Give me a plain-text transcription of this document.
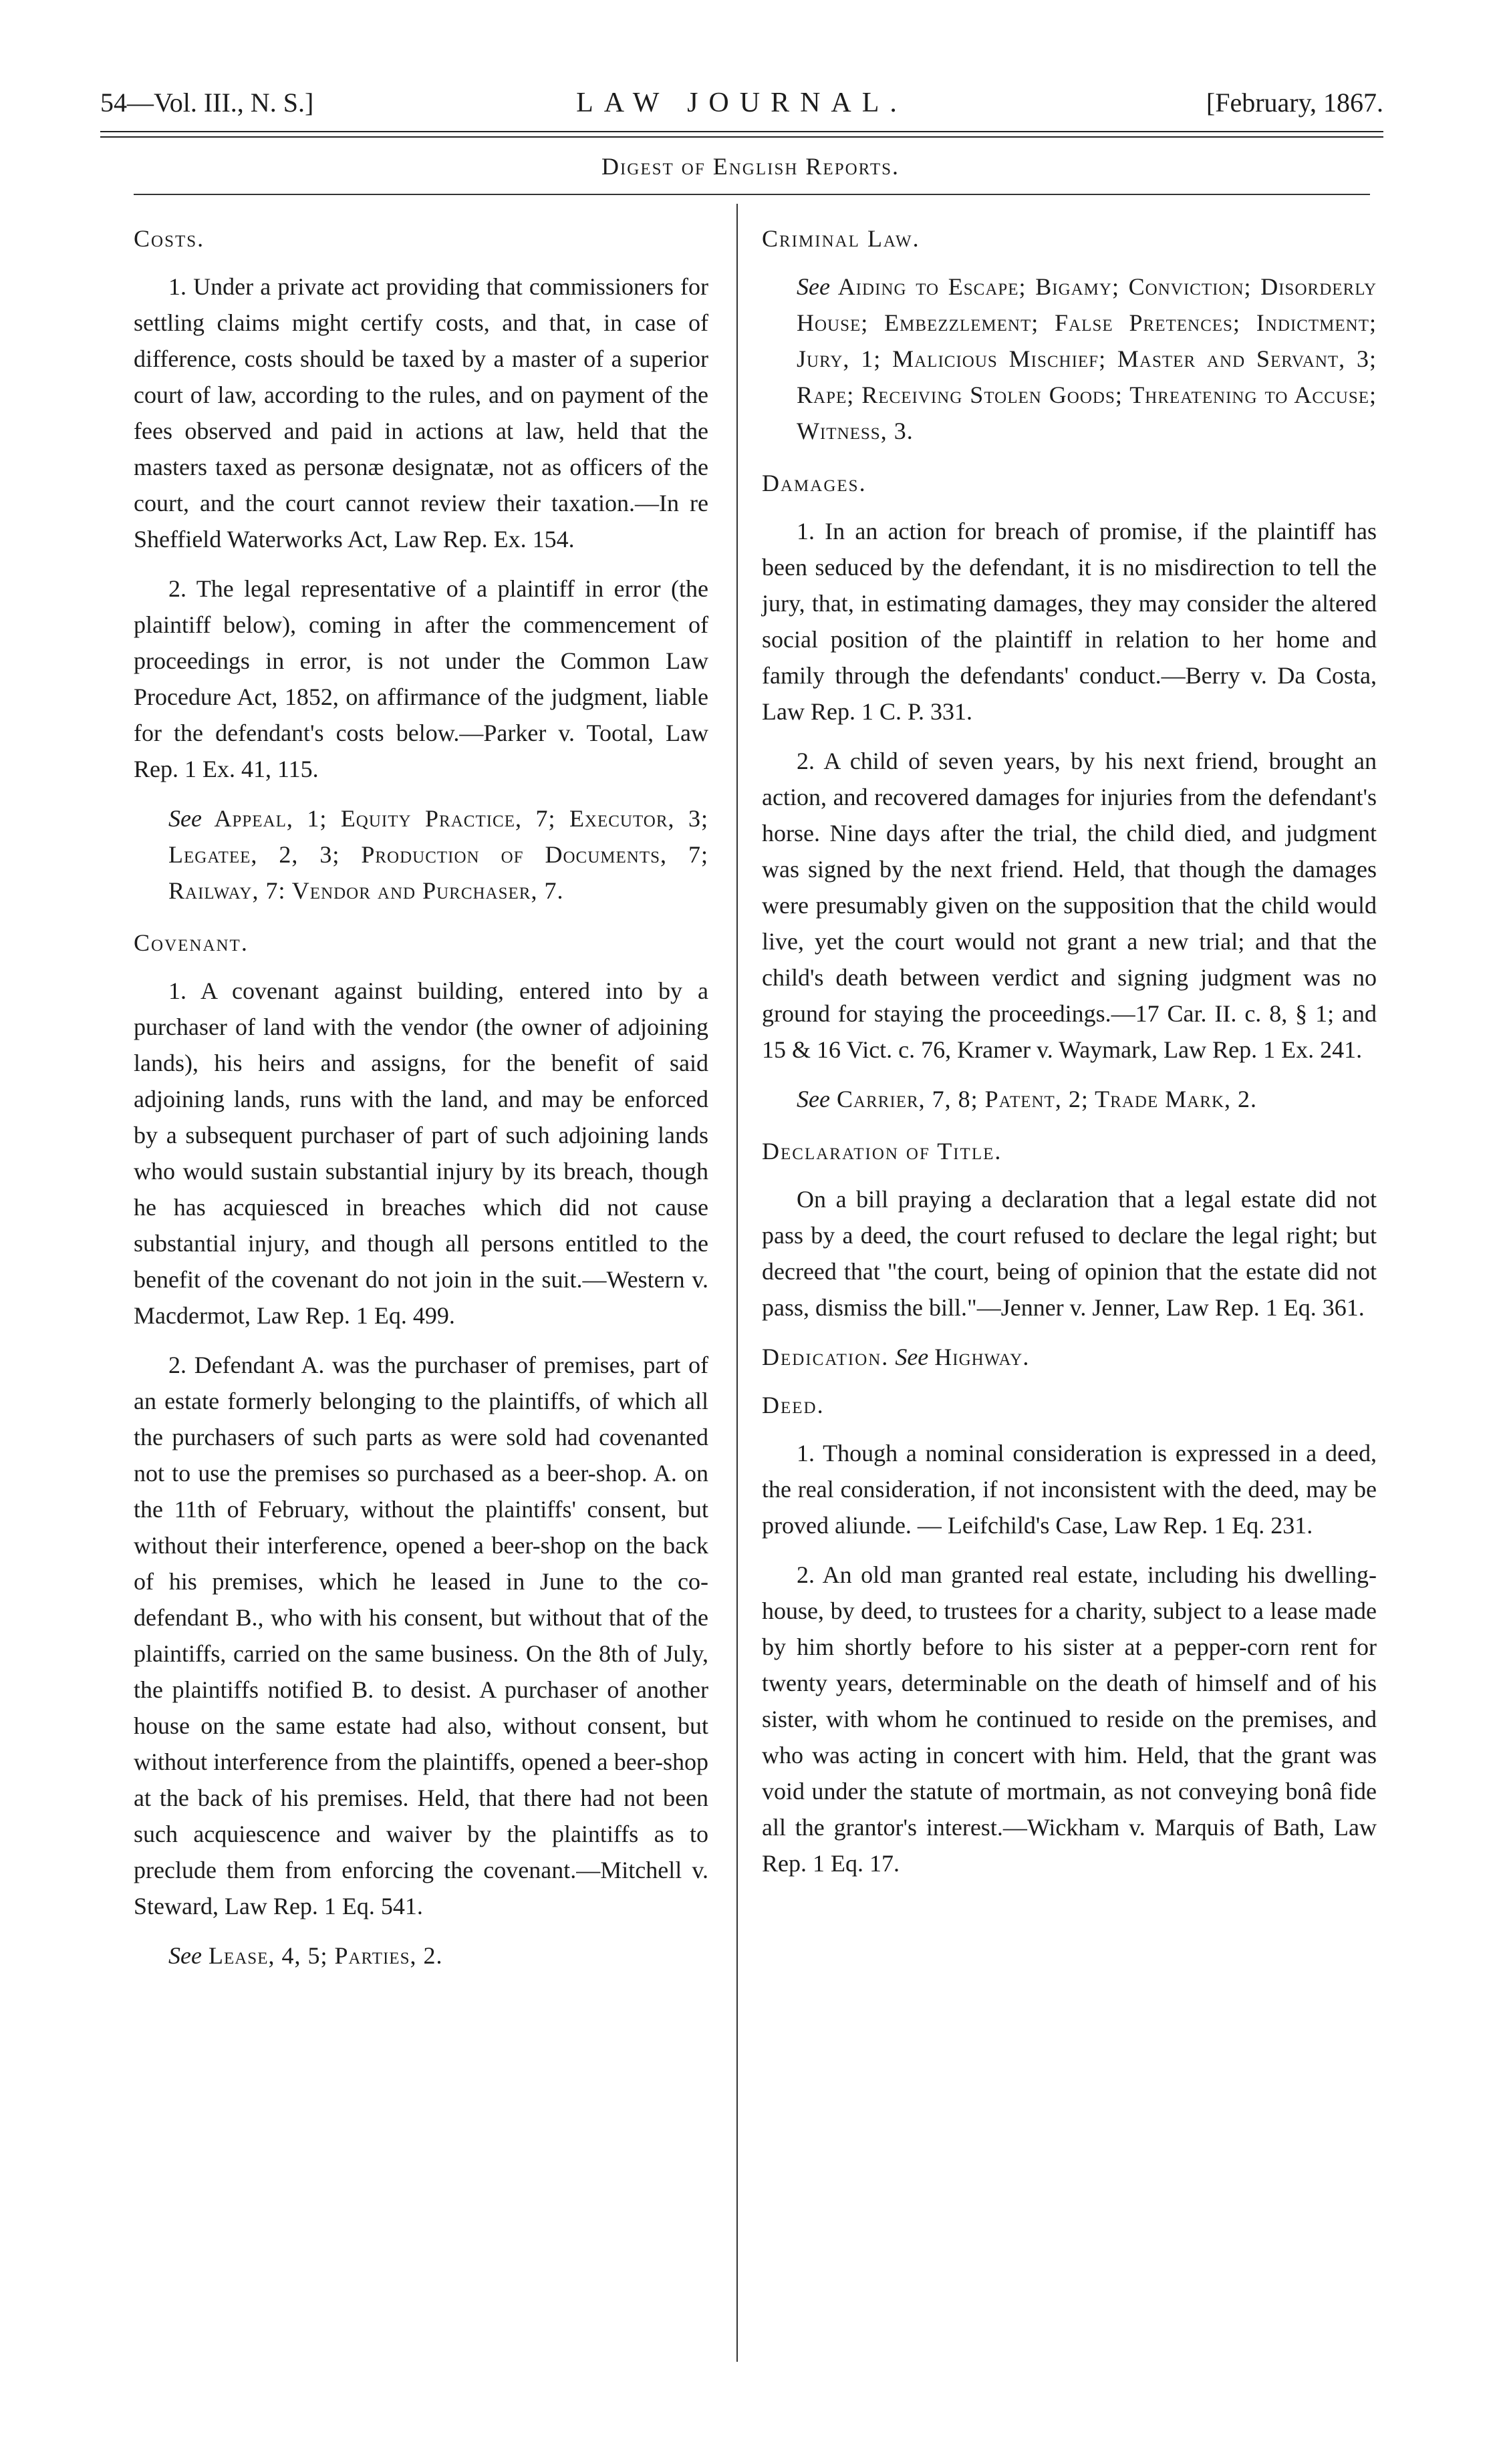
54—Vol. III., N. S.]	LAW JOURNAL.	[February, 1867.
Digest of English Reports.
Costs.

1. Under a private act providing that commissioners for settling claims might certify costs, and that, in case of difference, costs should be taxed by a master of a superior court of law, according to the rules, and on payment of the fees observed and paid in actions at law, held that the masters taxed as personæ designatæ, not as officers of the court, and the court cannot review their taxation.—In re Sheffield Waterworks Act, Law Rep. Ex. 154.

2. The legal representative of a plaintiff in error (the plaintiff below), coming in after the commencement of proceedings in error, is not under the Common Law Procedure Act, 1852, on affirmance of the judgment, liable for the defendant's costs below.—Parker v. Tootal, Law Rep. 1 Ex. 41, 115.

See Appeal, 1; Equity Practice, 7; Executor, 3; Legatee, 2, 3; Production of Documents, 7; Railway, 7: Vendor and Purchaser, 7.

Covenant.

1. A covenant against building, entered into by a purchaser of land with the vendor (the owner of adjoining lands), his heirs and assigns, for the benefit of said adjoining lands, runs with the land, and may be enforced by a subsequent purchaser of part of such adjoining lands who would sustain substantial injury by its breach, though he has acquiesced in breaches which did not cause substantial injury, and though all persons entitled to the benefit of the covenant do not join in the suit.—Western v. Macdermot, Law Rep. 1 Eq. 499.

2. Defendant A. was the purchaser of premises, part of an estate formerly belonging to the plaintiffs, of which all the purchasers of such parts as were sold had covenanted not to use the premises so purchased as a beer-shop. A. on the 11th of February, without the plaintiffs' consent, but without their interference, opened a beer-shop on the back of his premises, which he leased in June to the co-defendant B., who with his consent, but without that of the plaintiffs, carried on the same business. On the 8th of July, the plaintiffs notified B. to desist. A purchaser of another house on the same estate had also, without consent, but without interference from the plaintiffs, opened a beer-shop at the back of his premises. Held, that there had not been such acquiescence and waiver by the plaintiffs as to preclude them from enforcing the covenant.—Mitchell v. Steward, Law Rep. 1 Eq. 541.

See Lease, 4, 5; Parties, 2.

Criminal Law.

See Aiding to Escape; Bigamy; Conviction; Disorderly House; Embezzlement; False Pretences; Indictment; Jury, 1; Malicious Mischief; Master and Servant, 3; Rape; Receiving Stolen Goods; Threatening to Accuse; Witness, 3.

Damages.

1. In an action for breach of promise, if the plaintiff has been seduced by the defendant, it is no misdirection to tell the jury, that, in estimating damages, they may consider the altered social position of the plaintiff in relation to her home and family through the defendants' conduct.—Berry v. Da Costa, Law Rep. 1 C. P. 331.

2. A child of seven years, by his next friend, brought an action, and recovered damages for injuries from the defendant's horse. Nine days after the trial, the child died, and judgment was signed by the next friend. Held, that though the damages were presumably given on the supposition that the child would live, yet the court would not grant a new trial; and that the child's death between verdict and signing judgment was no ground for staying the proceedings.—17 Car. II. c. 8, § 1; and 15 & 16 Vict. c. 76, Kramer v. Waymark, Law Rep. 1 Ex. 241.

See Carrier, 7, 8; Patent, 2; Trade Mark, 2.

Declaration of Title.

On a bill praying a declaration that a legal estate did not pass by a deed, the court refused to declare the legal right; but decreed that "the court, being of opinion that the estate did not pass, dismiss the bill."—Jenner v. Jenner, Law Rep. 1 Eq. 361.

Dedication. See Highway.
Deed.

1. Though a nominal consideration is expressed in a deed, the real consideration, if not inconsistent with the deed, may be proved aliunde. — Leifchild's Case, Law Rep. 1 Eq. 231.

2. An old man granted real estate, including his dwelling-house, by deed, to trustees for a charity, subject to a lease made by him shortly before to his sister at a pepper-corn rent for twenty years, determinable on the death of himself and of his sister, with whom he continued to reside on the premises, and who was acting in concert with him. Held, that the grant was void under the statute of mortmain, as not conveying bonâ fide all the grantor's interest.—Wickham v. Marquis of Bath, Law Rep. 1 Eq. 17.
